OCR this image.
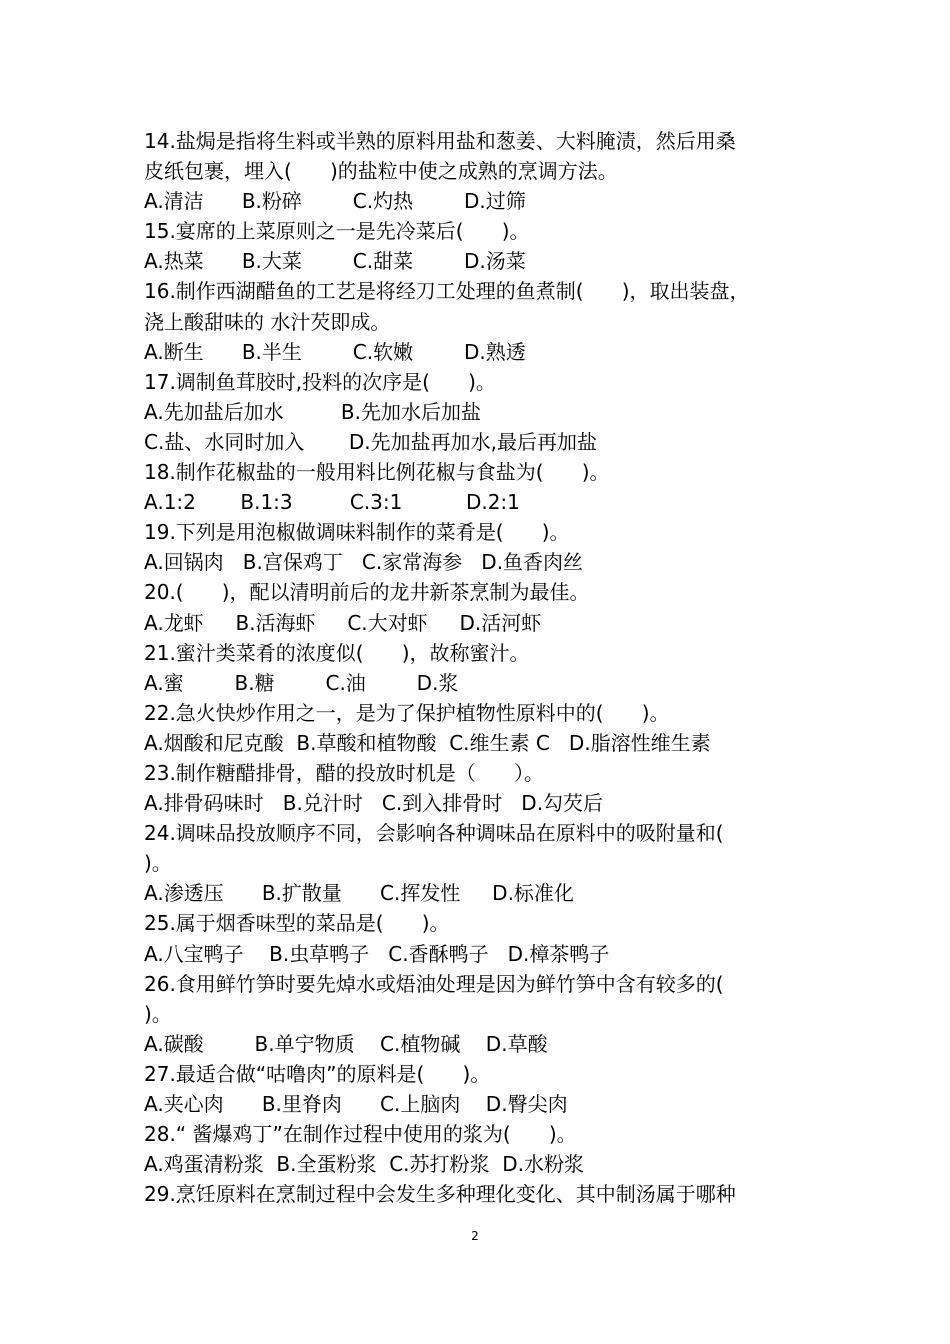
14.盐焗是指将生料或半熟的原料用盐和葱姜、大料腌渍，然后用桑
皮纸包裹，埋入(      )的盐粒中使之成熟的烹调方法。
A.清洁      B.粉碎        C.灼热        D.过筛
15.宴席的上菜原则之一是先冷菜后(      )。
A.热菜      B.大菜        C.甜菜        D.汤菜
16.制作西湖醋鱼的工艺是将经刀工处理的鱼煮制(      )，取出装盘，
浇上酸甜味的 水汁芡即成。
A.断生      B.半生        C.软嫩        D.熟透
17.调制鱼茸胶时,投料的次序是(      )。
A.先加盐后加水         B.先加水后加盐
C.盐、水同时加入       D.先加盐再加水,最后再加盐
18.制作花椒盐的一般用料比例花椒与食盐为(      )。
A.1:2       B.1:3         C.3:1          D.2:1
19.下列是用泡椒做调味料制作的菜肴是(      )。
A.回锅肉   B.宫保鸡丁   C.家常海参   D.鱼香肉丝
20.(      )，配以清明前后的龙井新茶烹制为最佳。
A.龙虾     B.活海虾     C.大对虾     D.活河虾
21.蜜汁类菜肴的浓度似(      )，故称蜜汁。
A.蜜        B.糖        C.油        D.浆
22.急火快炒作用之一，是为了保护植物性原料中的(      )。
A.烟酸和尼克酸  B.草酸和植物酸  C.维生素 C   D.脂溶性维生素
23.制作糖醋排骨，醋的投放时机是（      ）。
A.排骨码味时   B.兑汁时   C.到入排骨时   D.勾芡后
24.调味品投放顺序不同，会影响各种调味品在原料中的吸附量和(
)。
A.渗透压      B.扩散量      C.挥发性     D.标准化
25.属于烟香味型的菜品是(      )。
A.八宝鸭子    B.虫草鸭子   C.香酥鸭子   D.樟茶鸭子
26.食用鲜竹笋时要先焯水或焐油处理是因为鲜竹笋中含有较多的(
)。
A.碳酸        B.单宁物质    C.植物碱    D.草酸
27.最适合做“咕噜肉”的原料是(      )。
A.夹心肉      B.里脊肉      C.上脑肉    D.臀尖肉
28.“ 酱爆鸡丁”在制作过程中使用的浆为(      )。
A.鸡蛋清粉浆  B.全蛋粉浆  C.苏打粉浆  D.水粉浆
29.烹饪原料在烹制过程中会发生多种理化变化、其中制汤属于哪种
2
